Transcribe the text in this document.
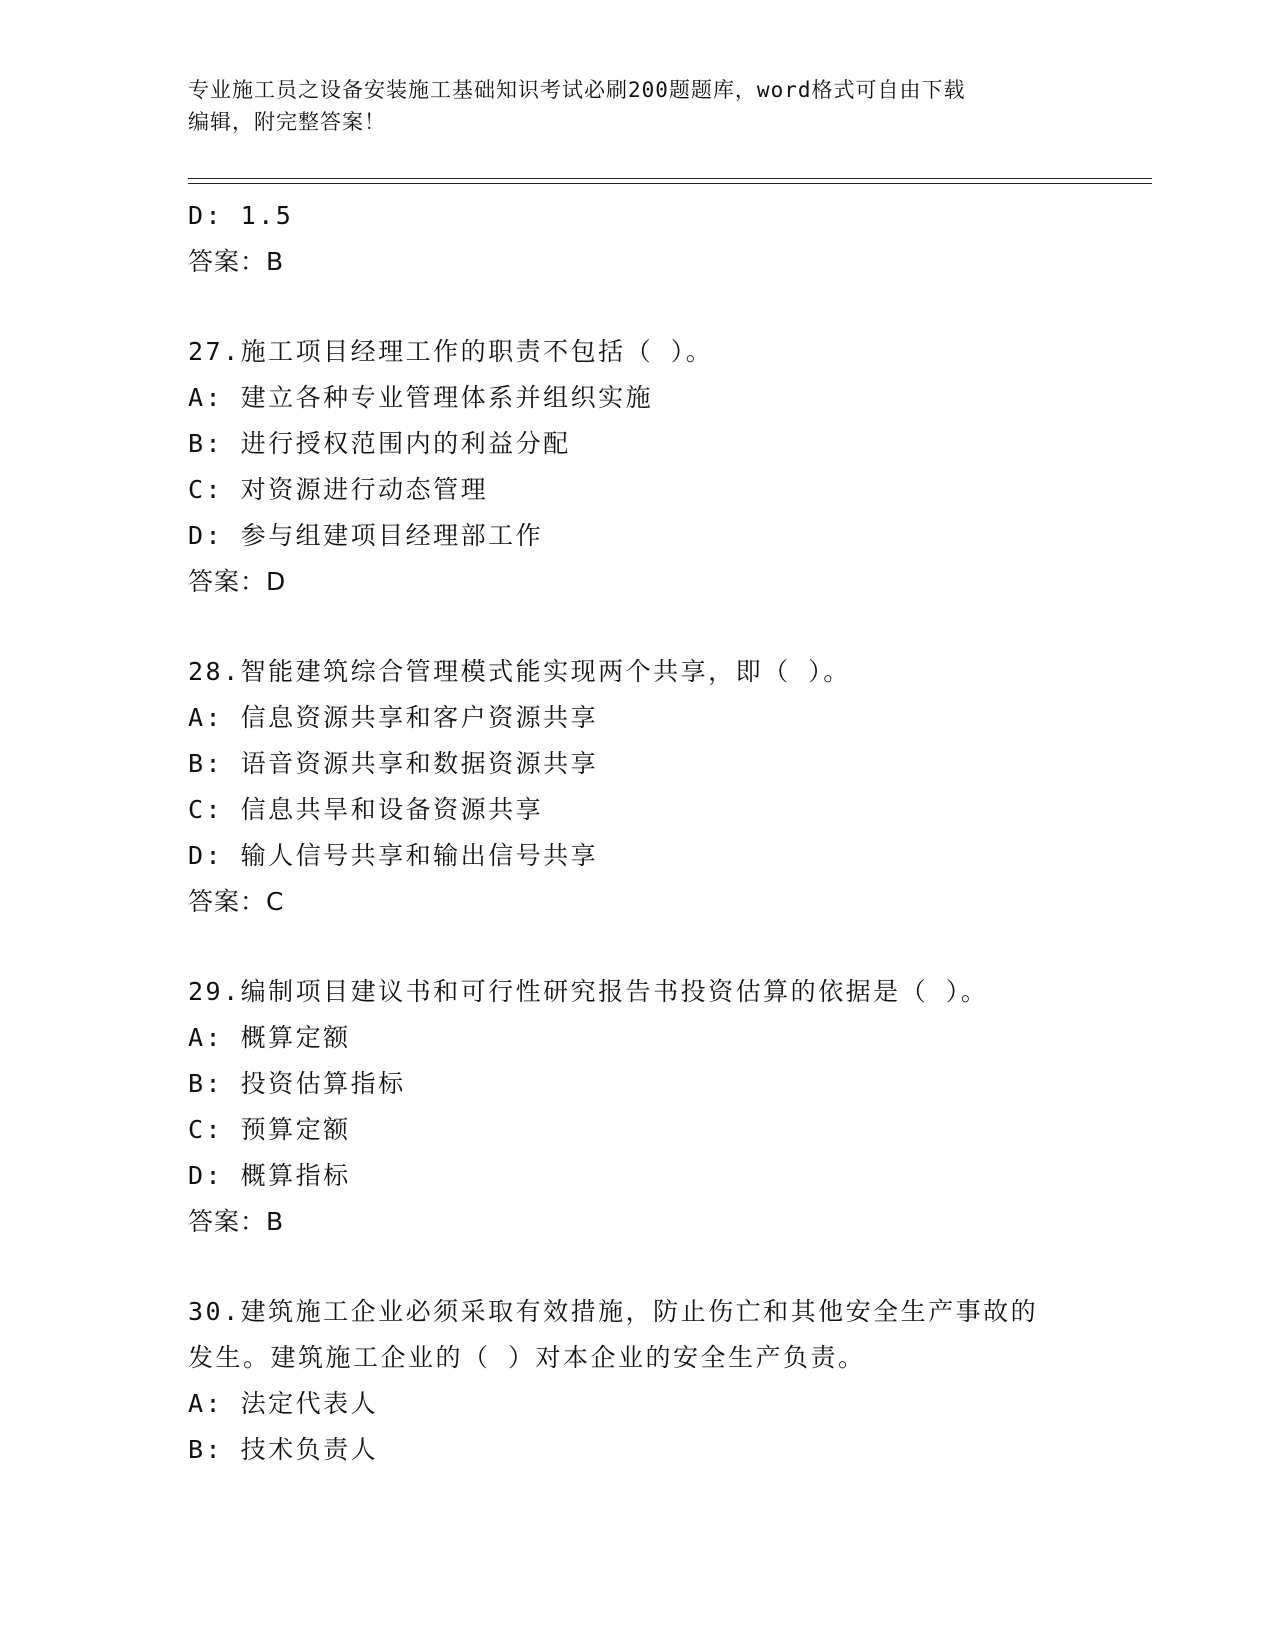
专业施工员之设备安装施工基础知识考试必刷200题题库，word格式可自由下载
编辑，附完整答案！
D: 1.5
答案：B
27.施工项目经理工作的职责不包括（ ）。
A: 建立各种专业管理体系并组织实施
B: 进行授权范围内的利益分配
C: 对资源进行动态管理
D: 参与组建项目经理部工作
答案：D
28.智能建筑综合管理模式能实现两个共享，即（ ）。
A: 信息资源共享和客户资源共享
B: 语音资源共享和数据资源共享
C: 信息共旱和设备资源共享
D: 输人信号共享和输出信号共享
答案：C
29.编制项目建议书和可行性研究报告书投资估算的依据是（ ）。
A: 概算定额
B: 投资估算指标
C: 预算定额
D: 概算指标
答案：B
30.建筑施工企业必须采取有效措施，防止伤亡和其他安全生产事故的
发生。建筑施工企业的（ ）对本企业的安全生产负责。
A: 法定代表人
B: 技术负责人
